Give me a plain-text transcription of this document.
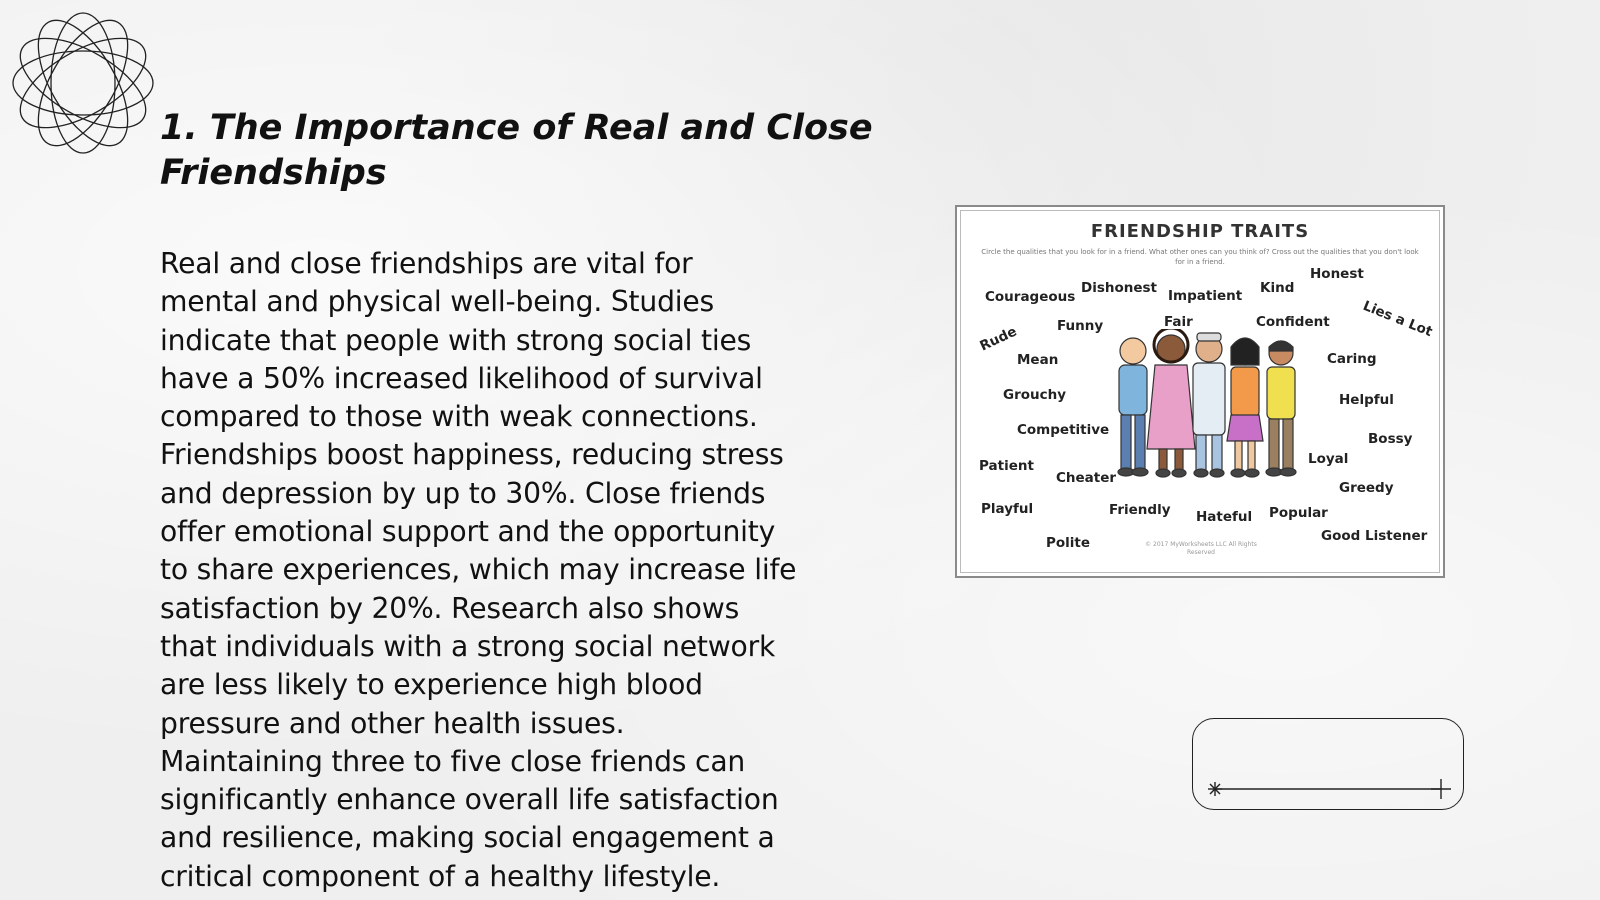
1. The Importance of Real and Close
Friendships

Real and close friendships are vital for
mental and physical well-being. Studies
indicate that people with strong social ties
have a 50% increased likelihood of survival
compared to those with weak connections.
Friendships boost happiness, reducing stress
and depression by up to 30%. Close friends
offer emotional support and the opportunity
to share experiences, which may increase life
satisfaction by 20%. Research also shows
that individuals with a strong social network
are less likely to experience high blood
pressure and other health issues.
Maintaining three to five close friends can
significantly enhance overall life satisfaction
and resilience, making social engagement a
critical component of a healthy lifestyle.

FRIENDSHIP TRAITS
Circle the qualities that you look for in a friend. What other ones can you think of? Cross out the qualities that you don't look for in a friend.
Courageous
Dishonest Impatient Kind
Honest
Rude	Funny	Fair	Confident Lies a Lot
Mean	Caring
Grouchy	Helpful
Competitive
Bossy
Patient
Cheater
Loyal
Greedy
Playful	Friendly Hateful Popular
Good Listener
Polite	© 2017 MyWorksheets LLC All Rights Reserved
